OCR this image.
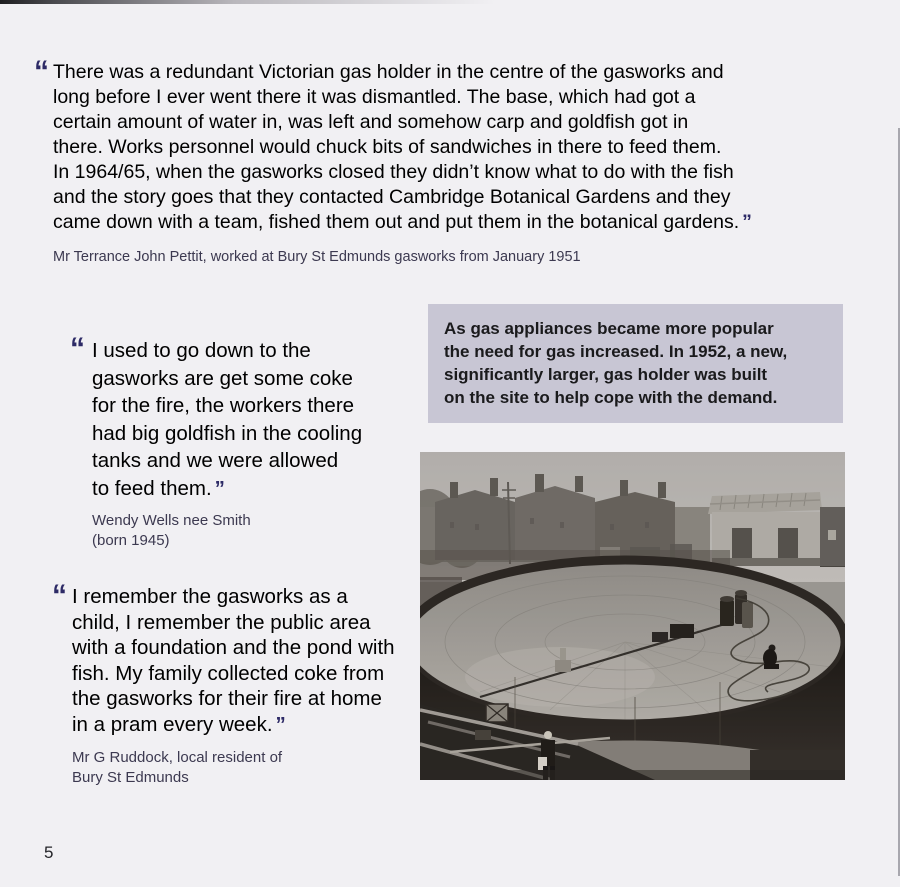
“ There was a redundant Victorian gas holder in the centre of the gasworks and
long before I ever went there it was dismantled. The base, which had got a
certain amount of water in, was left and somehow carp and goldfish got in
there. Works personnel would chuck bits of sandwiches in there to feed them.
In 1964/65, when the gasworks closed they didn’t know what to do with the fish
and the story goes that they contacted Cambridge Botanical Gardens and they
came down with a team, fished them out and put them in the botanical gardens. ”
Mr Terrance John Pettit, worked at Bury St Edmunds gasworks from January 1951
“ I used to go down to the
gasworks are get some coke
for the fire, the workers there
had big goldfish in the cooling
tanks and we were allowed
to feed them. ”
Wendy Wells nee Smith
(born 1945)
“ I remember the gasworks as a
child, I remember the public area
with a foundation and the pond with
fish. My family collected coke from
the gasworks for their fire at home
in a pram every week. ”
Mr G Ruddock, local resident of
Bury St Edmunds
As gas appliances became more popular
the need for gas increased. In 1952, a new,
significantly larger, gas holder was built
on the site to help cope with the demand.
5
